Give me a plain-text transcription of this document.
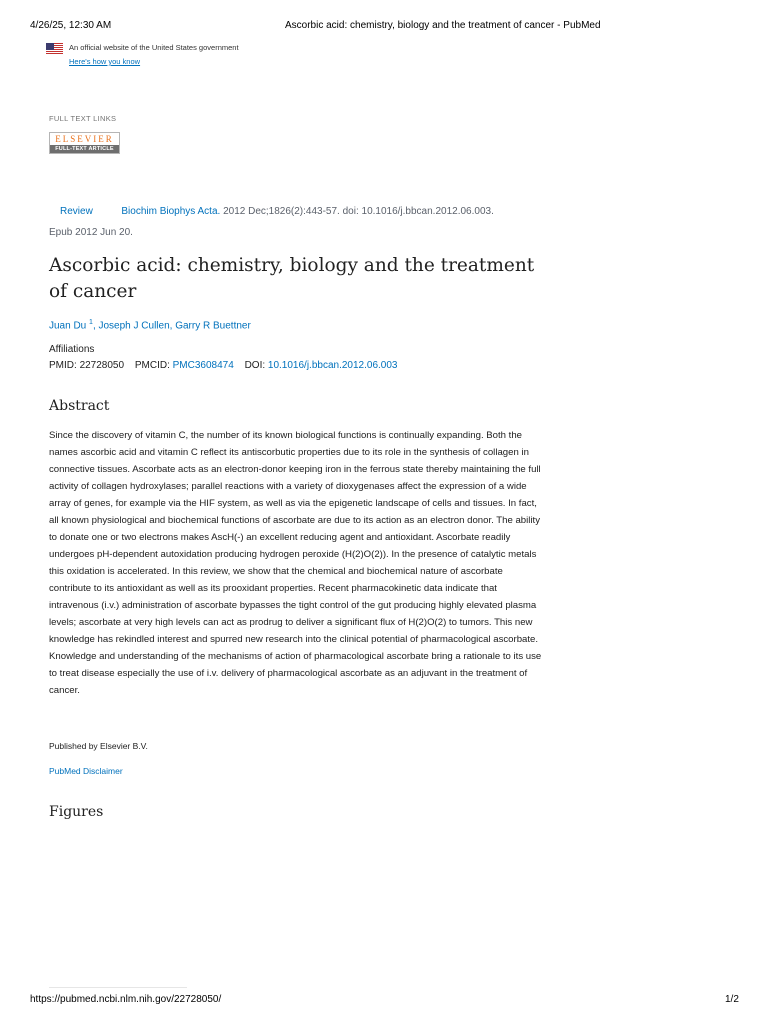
4/26/25, 12:30 AM	Ascorbic acid: chemistry, biology and the treatment of cancer - PubMed
An official website of the United States government
Here's how you know
FULL TEXT LINKS
ELSEVIER
FULL-TEXT ARTICLE
Review	Biochim Biophys Acta. 2012 Dec;1826(2):443-57. doi: 10.1016/j.bbcan.2012.06.003.
Epub 2012 Jun 20.
Ascorbic acid: chemistry, biology and the treatment of cancer
Juan Du $^1$, Joseph J Cullen, Garry R Buettner
Affiliations
PMID: 22728050 PMCID: PMC3608474 DOI: 10.1016/j.bbcan.2012.06.003
Abstract

Since the discovery of vitamin C, the number of its known biological functions is continually expanding. Both the names ascorbic acid and vitamin C reflect its antiscorbutic properties due to its role in the synthesis of collagen in connective tissues. Ascorbate acts as an electron-donor keeping iron in the ferrous state thereby maintaining the full activity of collagen hydroxylases; parallel reactions with a variety of dioxygenases affect the expression of a wide array of genes, for example via the HIF system, as well as via the epigenetic landscape of cells and tissues. In fact, all known physiological and biochemical functions of ascorbate are due to its action as an electron donor. The ability to donate one or two electrons makes AscH(-) an excellent reducing agent and antioxidant. Ascorbate readily undergoes pH-dependent autoxidation producing hydrogen peroxide (H(2)O(2)). In the presence of catalytic metals this oxidation is accelerated. In this review, we show that the chemical and biochemical nature of ascorbate contribute to its antioxidant as well as its prooxidant properties. Recent pharmacokinetic data indicate that intravenous (i.v.) administration of ascorbate bypasses the tight control of the gut producing highly elevated plasma levels; ascorbate at very high levels can act as prodrug to deliver a significant flux of H(2)O(2) to tumors. This new knowledge has rekindled interest and spurred new research into the clinical potential of pharmacological ascorbate. Knowledge and understanding of the mechanisms of action of pharmacological ascorbate bring a rationale to its use to treat disease especially the use of i.v. delivery of pharmacological ascorbate as an adjuvant in the treatment of cancer.

Published by Elsevier B.V.
PubMed Disclaimer
Figures
https://pubmed.ncbi.nlm.nih.gov/22728050/	1/2
